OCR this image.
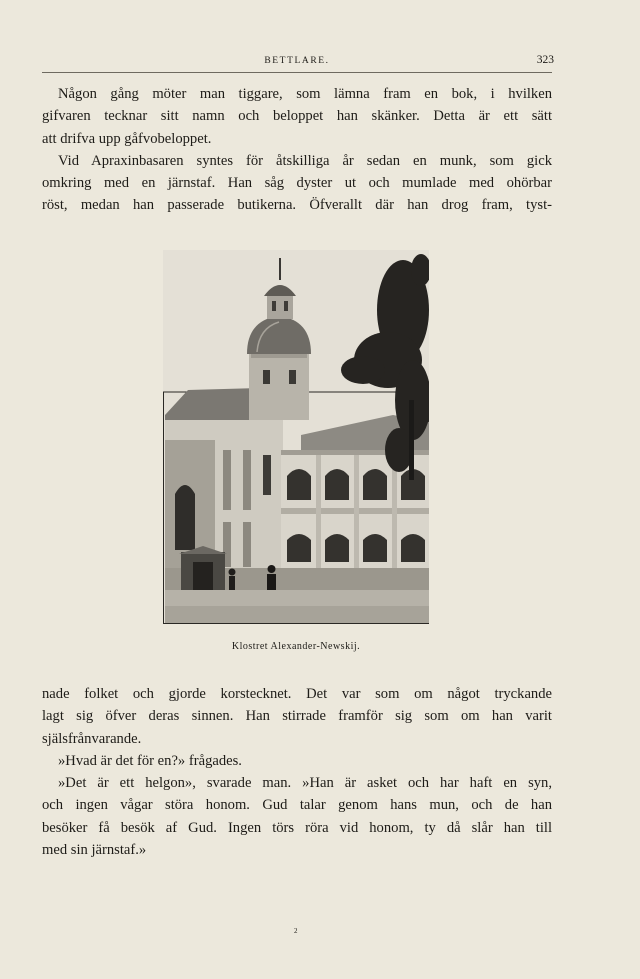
BETTLARE.	323

Någon gång möter man tiggare, som lämna fram en bok, i hvilken

gifvaren tecknar sitt namn och beloppet han skänker. Detta är ett sätt

att drifva upp gåfvobeloppet.

Vid Apraxinbasaren syntes för åtskilliga år sedan en munk, som gick

omkring med en järnstaf. Han såg dyster ut och mumlade med ohörbar

röst, medan han passerade butikerna. Öfverallt där han drog fram, tyst-

Klostret Alexander-Newskij.

nade folket och gjorde korstecknet. Det var som om något tryckande

lagt sig öfver deras sinnen. Han stirrade framför sig som om han varit

själsfrånvarande.

»Hvad är det för en?» frågades.

»Det är ett helgon», svarade man. »Han är asket och har haft en syn,

och ingen vågar störa honom. Gud talar genom hans mun, och de han

besöker få besök af Gud. Ingen törs röra vid honom, ty då slår han till

med sin järnstaf.»

2
